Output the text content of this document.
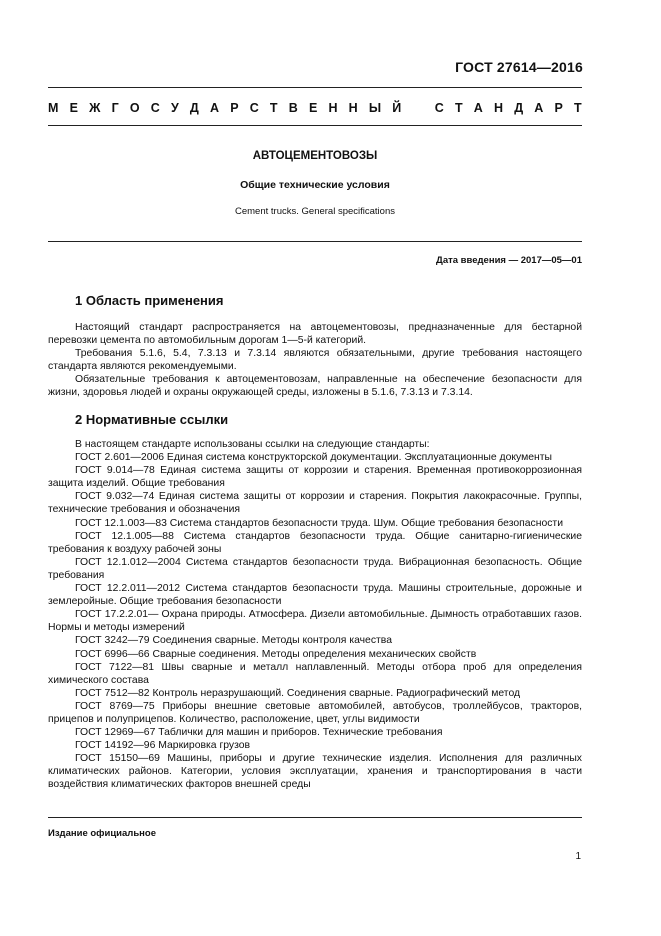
ГОСТ 27614—2016
М Е Ж Г О С У Д А Р С Т В Е Н Н Ы Й	С Т А Н Д А Р Т
АВТОЦЕМЕНТОВОЗЫ
Общие технические условия
Cement trucks. General specifications
Дата введения — 2017—05—01
1 Область применения

Настоящий стандарт распространяется на автоцементовозы, предназначенные для бестарной перевозки цемента по автомобильным дорогам 1—5-й категорий.

Требования 5.1.6, 5.4, 7.3.13 и 7.3.14 являются обязательными, другие требования настоящего стандарта являются рекомендуемыми.

Обязательные требования к автоцементовозам, направленные на обеспечение безопасности для жизни, здоровья людей и охраны окружающей среды, изложены в 5.1.6, 7.3.13 и 7.3.14.

2 Нормативные ссылки

В настоящем стандарте использованы ссылки на следующие стандарты:

ГОСТ 2.601—2006 Единая система конструкторской документации. Эксплуатационные документы

ГОСТ 9.014—78 Единая система защиты от коррозии и старения. Временная противокоррозионная защита изделий. Общие требования

ГОСТ 9.032—74 Единая система защиты от коррозии и старения. Покрытия лакокрасочные. Группы, технические требования и обозначения

ГОСТ 12.1.003—83 Система стандартов безопасности труда. Шум. Общие требования безопасности

ГОСТ 12.1.005—88 Система стандартов безопасности труда. Общие санитарно-гигиенические требования к воздуху рабочей зоны

ГОСТ 12.1.012—2004 Система стандартов безопасности труда. Вибрационная безопасность. Общие требования

ГОСТ 12.2.011—2012 Система стандартов безопасности труда. Машины строительные, дорожные и землеройные. Общие требования безопасности

ГОСТ 17.2.2.01— Охрана природы. Атмосфера. Дизели автомобильные. Дымность отработавших газов. Нормы и методы измерений

ГОСТ 3242—79 Соединения сварные. Методы контроля качества

ГОСТ 6996—66 Сварные соединения. Методы определения механических свойств

ГОСТ 7122—81 Швы сварные и металл наплавленный. Методы отбора проб для определения химического состава

ГОСТ 7512—82 Контроль неразрушающий. Соединения сварные. Радиографический метод

ГОСТ 8769—75 Приборы внешние световые автомобилей, автобусов, троллейбусов, тракторов, прицепов и полуприцепов. Количество, расположение, цвет, углы видимости

ГОСТ 12969—67 Таблички для машин и приборов. Технические требования

ГОСТ 14192—96 Маркировка грузов

ГОСТ 15150—69 Машины, приборы и другие технические изделия. Исполнения для различных климатических районов. Категории, условия эксплуатации, хранения и транспортирования в части воздействия климатических факторов внешней среды

Издание официальное
1
